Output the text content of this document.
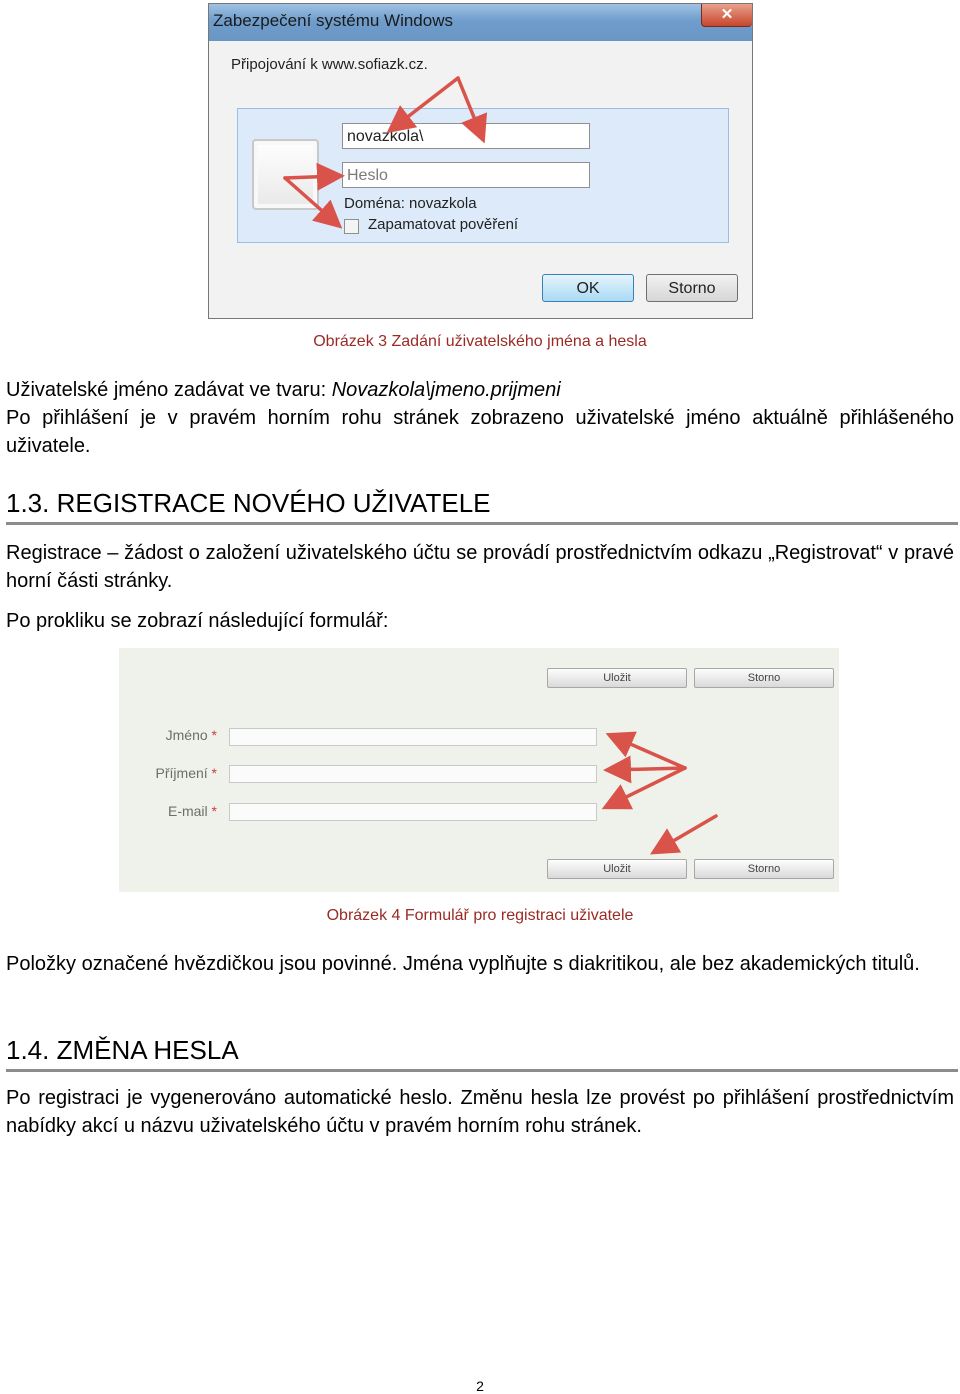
Zabezpečení systému Windows	✕
Připojování k www.sofiazk.cz.
novazkola\
Heslo
Doména: novazkola
Zapamatovat pověření
OK	Storno
Obrázek 3 Zadání uživatelského jména a hesla

Uživatelské jméno zadávat ve tvaru: Novazkola\jmeno.prijmeni

Po přihlášení je v pravém horním rohu stránek zobrazeno uživatelské jméno aktuálně přihlášeného uživatele.

1.3. REGISTRACE NOVÉHO UŽIVATELE

Registrace – žádost o založení uživatelského účtu se provádí prostřednictvím odkazu „Registrovat“ v pravé horní části stránky.

Po prokliku se zobrazí následující formulář:

Uložit	Storno
Jméno *
Příjmení *
E-mail *
Uložit	Storno
Obrázek 4 Formulář pro registraci uživatele

Položky označené hvězdičkou jsou povinné. Jména vyplňujte s diakritikou, ale bez akademických titulů.

1.4. ZMĚNA HESLA

Po registraci je vygenerováno automatické heslo. Změnu hesla lze provést po přihlášení prostřednictvím nabídky akcí u názvu uživatelského účtu v pravém horním rohu stránek.

2
